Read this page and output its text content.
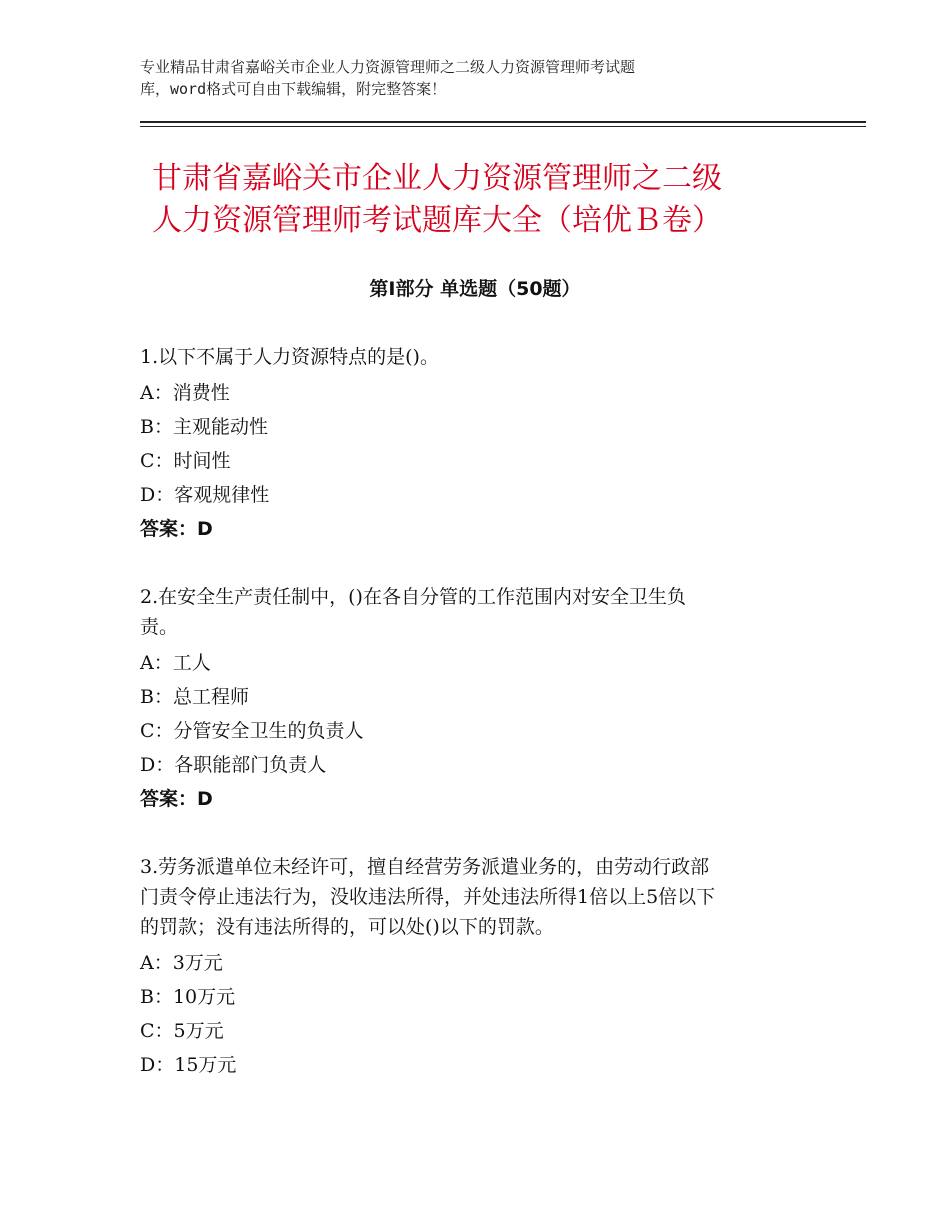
专业精品甘肃省嘉峪关市企业人力资源管理师之二级人力资源管理师考试题
库，word格式可自由下载编辑，附完整答案！
甘肃省嘉峪关市企业人力资源管理师之二级
人力资源管理师考试题库大全（培优Ｂ卷）
第Ⅰ部分 单选题（50题）
1.以下不属于人力资源特点的是()。
A：消费性
B：主观能动性
C：时间性
D：客观规律性
答案：D
2.在安全生产责任制中，()在各自分管的工作范围内对安全卫生负
责。
A：工人
B：总工程师
C：分管安全卫生的负责人
D：各职能部门负责人
答案：D
3.劳务派遣单位未经许可，擅自经营劳务派遣业务的，由劳动行政部
门责令停止违法行为，没收违法所得，并处违法所得1倍以上5倍以下
的罚款；没有违法所得的，可以处()以下的罚款。
A：3万元
B：10万元
C：5万元
D：15万元
